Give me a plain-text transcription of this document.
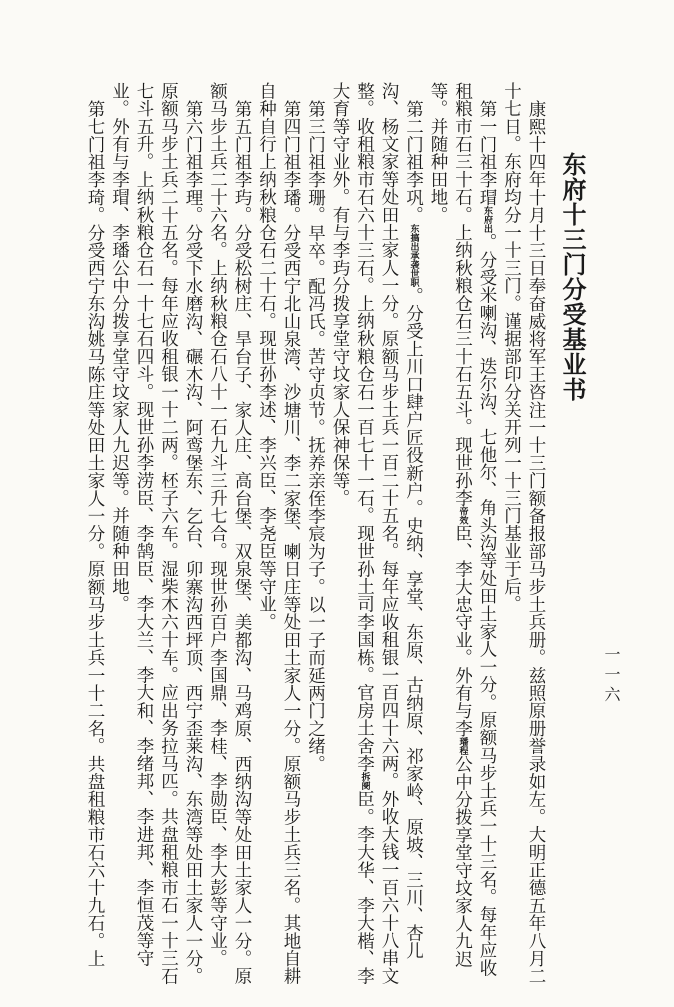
一一六
东府十三门分受基业书

康熙十四年十月十三日奉奋威将军王咨注一十三门额备报部马步土兵册。兹照原册誉录如左。大明正德五年八月二十七日。东府均分一十三门。谨据部印分关开列一十三门基业于后。

第一门祖李瑁东府出。分受米喇沟、迭尔沟、七他尔、角头沟等处田土家人一分。原额马步土兵一十三名。每年应收租粮市石三十石。上纳秋粮仓石三十石五斗。现世孙李帝效臣、李大忠守业。外有与李璠程公中分拨享堂守坟家人九迟等。并随种田地。

第二门祖李巩。东搞出承袭世职。分受上川口肆户匠役新户。史纳、享堂、东原、古纳原、祁家岭、原坡、三川、杏儿沟、杨文家等处田土家人一分。原额马步土兵一百二十五名。每年应收租银一百四十六两。外收大钱一百六十八串文整。收租粮市石六十三石。上纳秋粮仓石一百七十一石。现世孙土司李国栋。官房土舍李拆阌臣。李大华、李大楷、李大育等守业外。有与李玙分拨享堂守坟家人保神保等。

第三门祖李珊。早卒。配冯氏。苦守贞节。抚养亲侄李宸为子。以一子而延两门之绪。

第四门祖李璠。分受西宁北山泉湾、沙塘川、李二家堡、喇日庄等处田土家人一分。原额马步土兵三名。其地自耕自种自行上纳秋粮仓石二十石。现世孙李述、李兴臣、李尧臣等守业。

第五门祖李玙。分受松树庄、旱台子、家人庄、高台堡、双泉堡、美都沟、马鸡原、西纳沟等处田土家人一分。原额马步土兵二十六名。上纳秋粮仓石八十一石九斗三升七合。现世孙百户李国鼎、李桂、李勋臣、李大彭等守业。

第六门祖李理。分受下水磨沟、碾木沟、阿鸾堡东、乞台、卯寨沟西坪顶、西宁歪莱沟、东湾等处田土家人一分。原额马步土兵二十五名。每年应收租银一十二两。柸子六车。湿柴木六十车。应出务拉马匹。共盘租粮市石一十三石七斗五升。上纳秋粮仓石一十七石四斗。现世孙李涝臣、李鹄臣、李大兰、李大和、李绪邦、李进邦、李恒茂等守业。外有与李瑁、李璠公中分拨享堂守坟家人九迟等。并随种田地。

第七门祖李琦。分受西宁东沟姚马陈庄等处田土家人一分。原额马步土兵一十二名。共盘租粮市石六十九石。上
